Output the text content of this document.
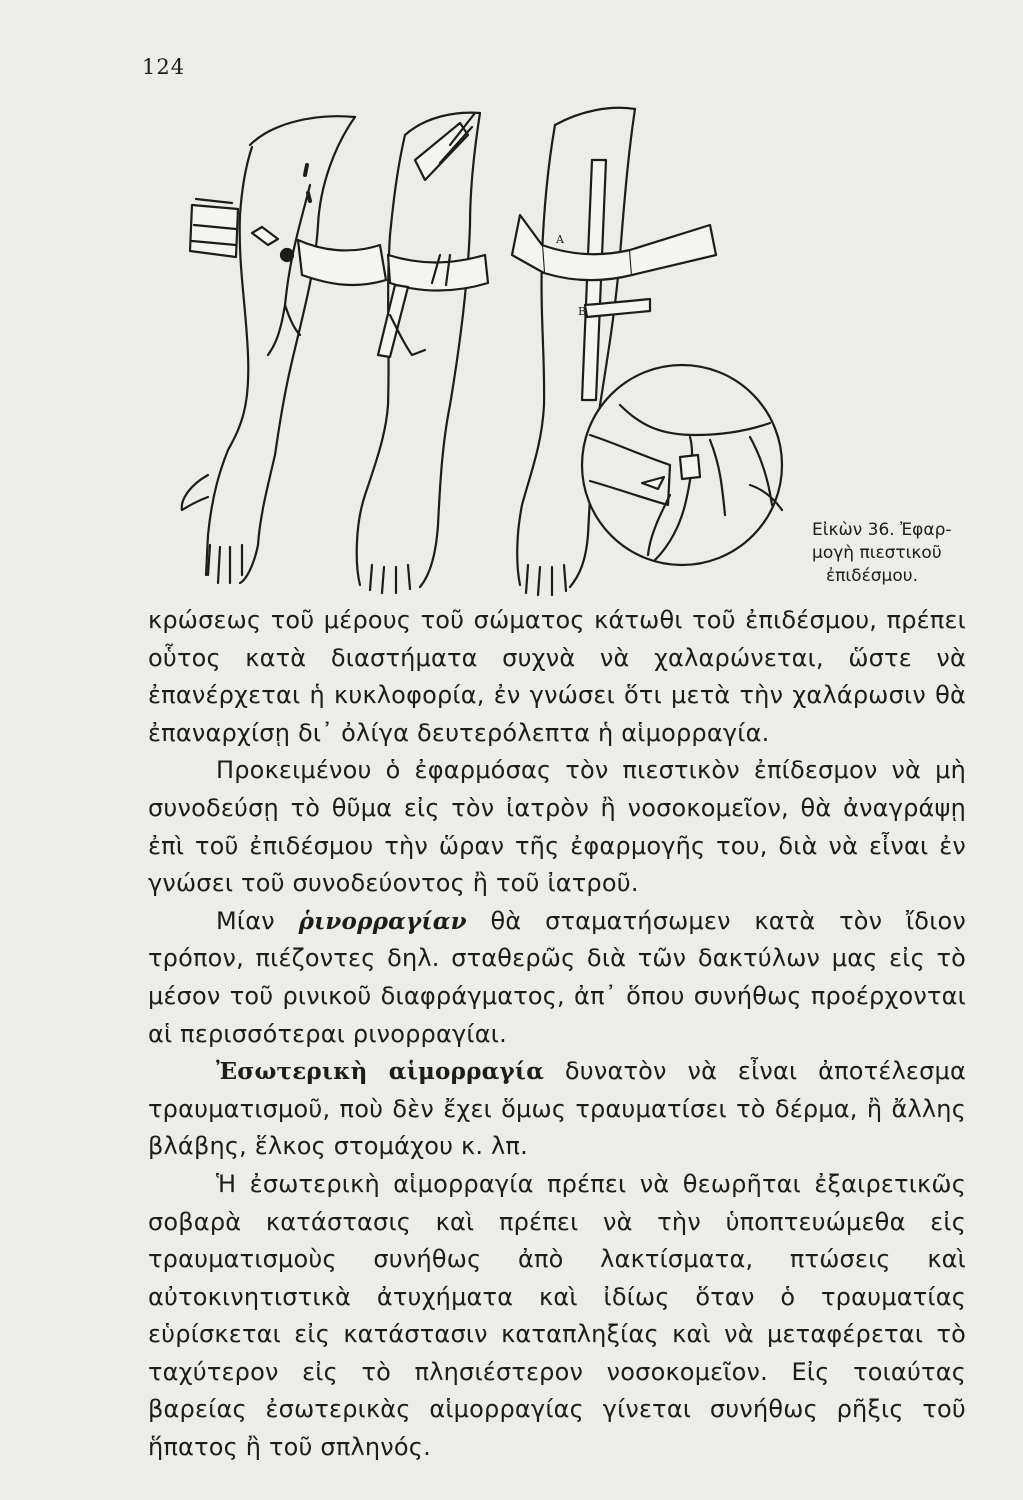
124
Α
Β
Εἰκὼν 36. Ἐφαρ-
μογὴ πιεστικοῦ
ἐπιδέσμου.

κρώσεως τοῦ μέρους τοῦ σώματος κάτωθι τοῦ ἐπιδέσμου, πρέπει οὗτος κατὰ διαστήματα συχνὰ νὰ χαλαρώνεται, ὥστε νὰ ἐπανέρχεται ἡ κυκλοφορία, ἐν γνώσει ὅτι μετὰ τὴν χαλάρωσιν θὰ ἐπαναρχίσῃ δι᾽ ὀλίγα δευτερόλεπτα ἡ αἱμορραγία.

Προκειμένου ὁ ἐφαρμόσας τὸν πιεστικὸν ἐπίδεσμον νὰ μὴ συνοδεύσῃ τὸ θῦμα εἰς τὸν ἰατρὸν ἢ νοσοκομεῖον, θὰ ἀναγράψῃ ἐπὶ τοῦ ἐπιδέσμου τὴν ὥραν τῆς ἐφαρμογῆς του, διὰ νὰ εἶναι ἐν γνώσει τοῦ συνοδεύοντος ἢ τοῦ ἰατροῦ.

Μίαν ῥινορραγίαν θὰ σταματήσωμεν κατὰ τὸν ἴδιον τρόπον, πιέζοντες δηλ. σταθερῶς διὰ τῶν δακτύλων μας εἰς τὸ μέσον τοῦ ρινικοῦ διαφράγματος, ἀπ᾽ ὅπου συνήθως προέρχονται αἱ περισσότεραι ρινορραγίαι.

Ἐσωτερικὴ αἱμορραγία δυνατὸν νὰ εἶναι ἀποτέλεσμα τραυματισμοῦ, ποὺ δὲν ἔχει ὅμως τραυματίσει τὸ δέρμα, ἢ ἄλλης βλάβης, ἕλκος στομάχου κ. λπ.

Ἡ ἐσωτερικὴ αἱμορραγία πρέπει νὰ θεωρῆται ἐξαιρετικῶς σοβαρὰ κατάστασις καὶ πρέπει νὰ τὴν ὑποπτευώμεθα εἰς τραυματισμοὺς συνήθως ἀπὸ λακτίσματα, πτώσεις καὶ αὐτοκινητιστικὰ ἀτυχήματα καὶ ἰδίως ὅταν ὁ τραυματίας εὑρίσκεται εἰς κατάστασιν καταπληξίας καὶ νὰ μεταφέρεται τὸ ταχύτερον εἰς τὸ πλησιέστερον νοσοκομεῖον. Εἰς τοιαύτας βαρείας ἐσωτερικὰς αἱμορραγίας γίνεται συνήθως ρῆξις τοῦ ἥπατος ἢ τοῦ σπληνός.
